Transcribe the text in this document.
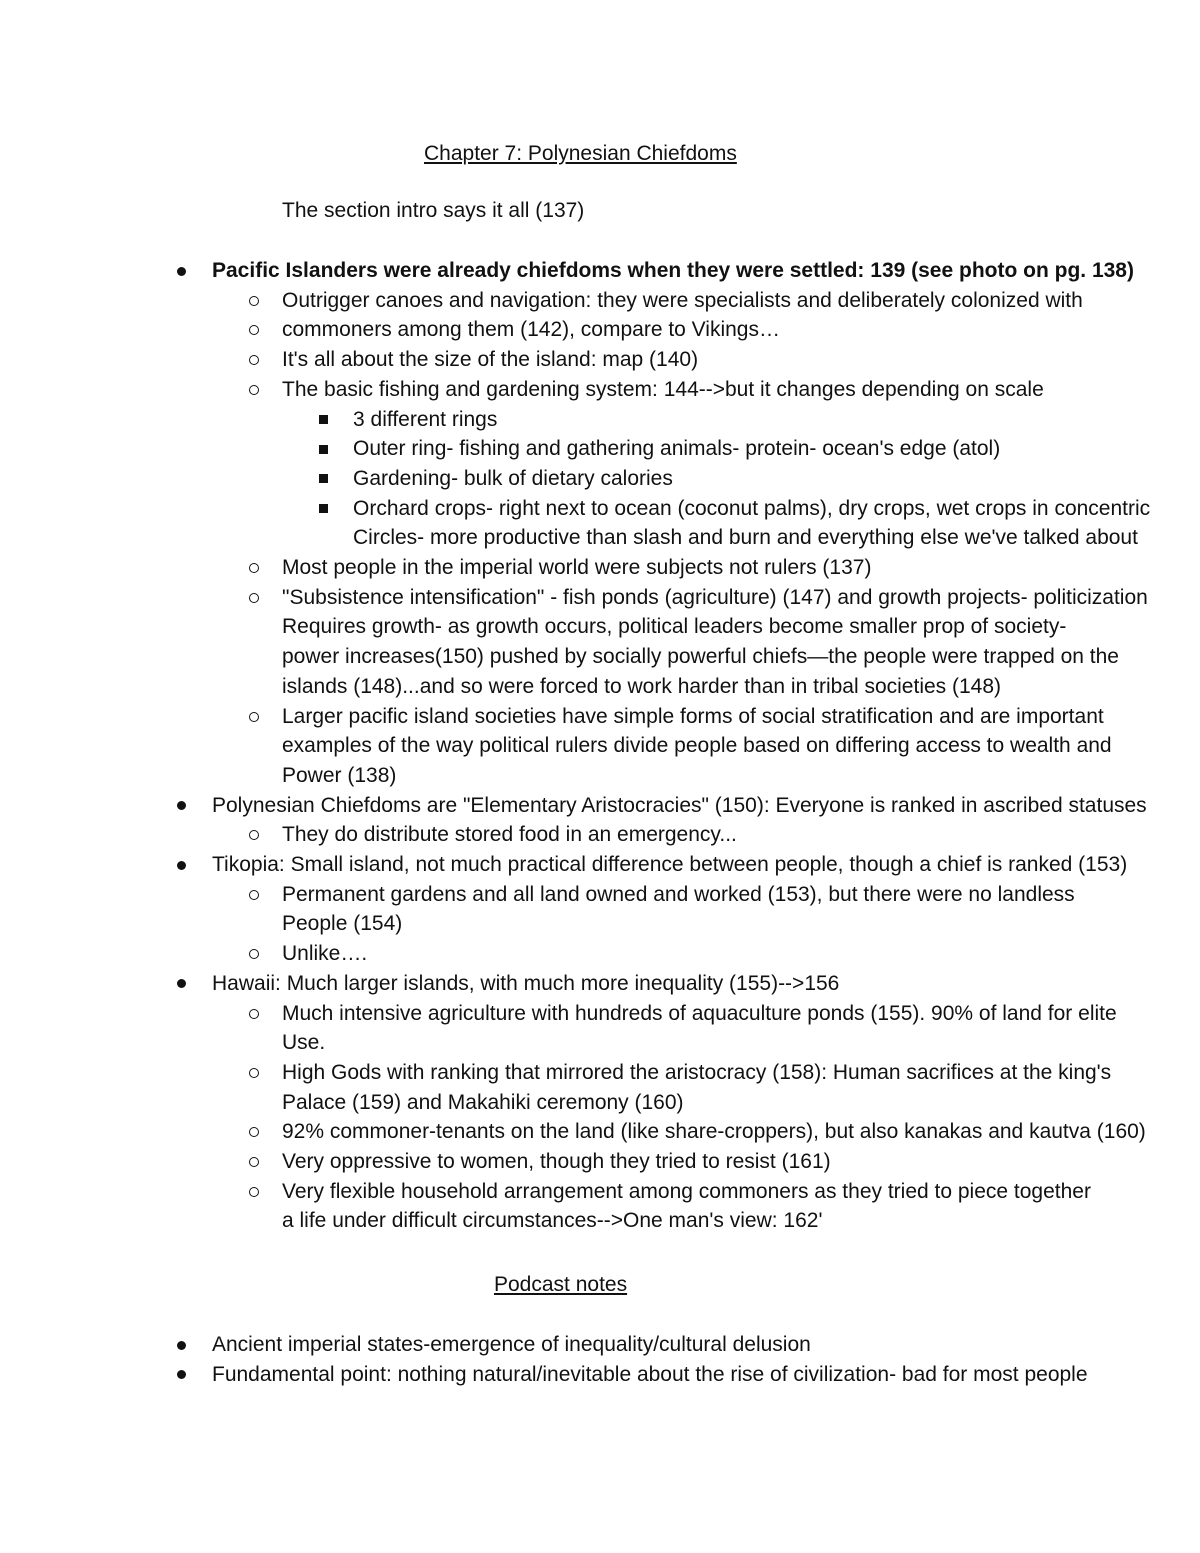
Chapter 7: Polynesian Chiefdoms
The section intro says it all (137)
Pacific Islanders were already chiefdoms when they were settled: 139 (see photo on pg. 138)
Outrigger canoes and navigation: they were specialists and deliberately colonized with
commoners among them (142), compare to Vikings…
It's all about the size of the island: map (140)
The basic fishing and gardening system: 144-->but it changes depending on scale
3 different rings
Outer ring- fishing and gathering animals- protein- ocean's edge (atol)
Gardening- bulk of dietary calories
Orchard crops- right next to ocean (coconut palms), dry crops, wet crops in concentric
Circles- more productive than slash and burn and everything else we've talked about
Most people in the imperial world were subjects not rulers (137)
"Subsistence intensification" - fish ponds (agriculture) (147) and growth projects- politicization
Requires growth- as growth occurs, political leaders become smaller prop of society-
power increases(150) pushed by socially powerful chiefs—the people were trapped on the
islands (148)...and so were forced to work harder than in tribal societies (148)
Larger pacific island societies have simple forms of social stratification and are important
examples of the way political rulers divide people based on differing access to wealth and
Power (138)
Polynesian Chiefdoms are "Elementary Aristocracies" (150): Everyone is ranked in ascribed statuses
They do distribute stored food in an emergency...
Tikopia: Small island, not much practical difference between people, though a chief is ranked (153)
Permanent gardens and all land owned and worked (153), but there were no landless
People (154)
Unlike….
Hawaii: Much larger islands, with much more inequality (155)-->156
Much intensive agriculture with hundreds of aquaculture ponds (155). 90% of land for elite
Use.
High Gods with ranking that mirrored the aristocracy (158): Human sacrifices at the king's
Palace (159) and Makahiki ceremony (160)
92% commoner-tenants on the land (like share-croppers), but also kanakas and kautva (160)
Very oppressive to women, though they tried to resist (161)
Very flexible household arrangement among commoners as they tried to piece together
a life under difficult circumstances-->One man's view: 162'
Podcast notes
Ancient imperial states-emergence of inequality/cultural delusion
Fundamental point: nothing natural/inevitable about the rise of civilization- bad for most people
